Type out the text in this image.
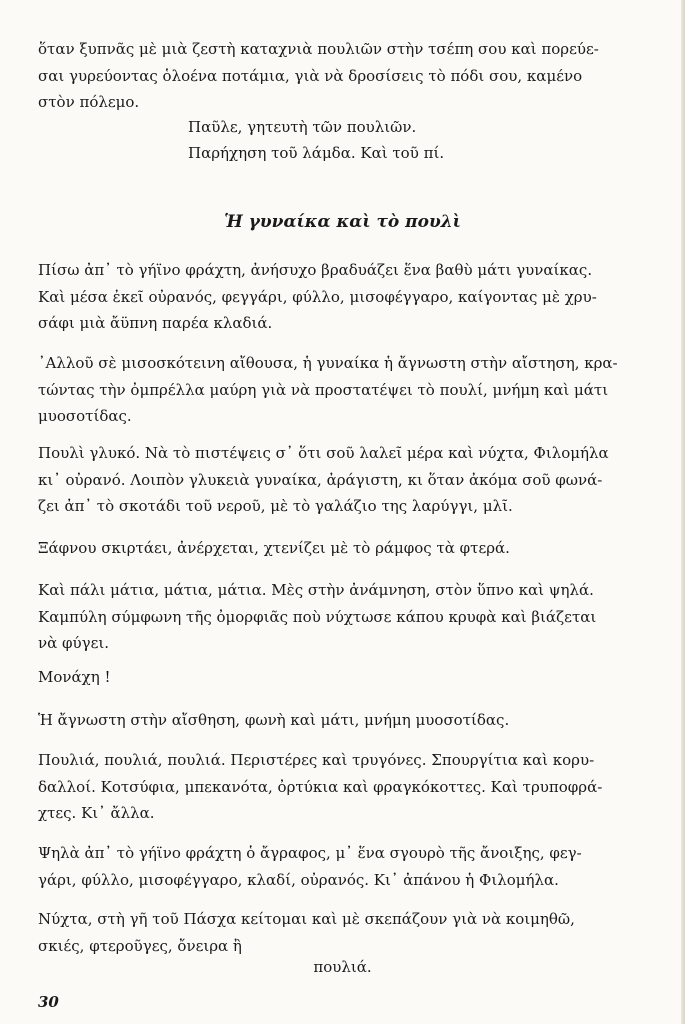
ὅταν ξυπνᾶς μὲ μιὰ ζεστὴ καταχνιὰ πουλιῶν στὴν τσέπη σου καὶ πορεύε-
σαι γυρεύοντας ὁλοένα ποτάμια, γιὰ νὰ δροσίσεις τὸ πόδι σου, καμένο
στὸν πόλεμο.

Παῦλε, γητευτὴ τῶν πουλιῶν.

Παρήχηση τοῦ λάμδα. Καὶ τοῦ πί.

Ἡ γυναίκα καὶ τὸ πουλὶ
Πίσω ἀπ᾽ τὸ γήϊνο φράχτη, ἀνήσυχο βραδυάζει ἕνα βαθὺ μάτι γυναίκας.
Καὶ μέσα ἐκεῖ οὐρανός, φεγγάρι, φύλλο, μισοφέγγαρο, καίγοντας μὲ χρυ-
σάφι μιὰ ἄϋπνη παρέα κλαδιά.
᾽Αλλοῦ σὲ μισοσκότεινη αἴθουσα, ἡ γυναίκα ἡ ἄγνωστη στὴν αἴστηση, κρα-
τώντας τὴν ὀμπρέλλα μαύρη γιὰ νὰ προστατέψει τὸ πουλί, μνήμη καὶ μάτι
μυοσοτίδας.
Πουλὶ γλυκό. Νὰ τὸ πιστέψεις σ᾽ ὅτι σοῦ λαλεῖ μέρα καὶ νύχτα, Φιλομήλα
κι᾽ οὐρανό. Λοιπὸν γλυκειὰ γυναίκα, ἀράγιστη, κι ὅταν ἀκόμα σοῦ φωνά-
ζει ἀπ᾽ τὸ σκοτάδι τοῦ νεροῦ, μὲ τὸ γαλάζιο της λαρύγγι, μλῖ.
Ξάφνου σκιρτάει, ἀνέρχεται, χτενίζει μὲ τὸ ράμφος τὰ φτερά.
Καὶ πάλι μάτια, μάτια, μάτια. Μὲς στὴν ἀνάμνηση, στὸν ὕπνο καὶ ψηλά.
Καμπύλη σύμφωνη τῆς ὀμορφιᾶς ποὺ νύχτωσε κάπου κρυφὰ καὶ βιάζεται
νὰ φύγει.
Μονάχη !
Ἡ ἄγνωστη στὴν αἴσθηση, φωνὴ καὶ μάτι, μνήμη μυοσοτίδας.
Πουλιά, πουλιά, πουλιά. Περιστέρες καὶ τρυγόνες. Σπουργίτια καὶ κορυ-
δαλλοί. Κοτσύφια, μπεκανότα, ὀρτύκια καὶ φραγκόκοττες. Καὶ τρυποφρά-
χτες. Κι᾽ ἄλλα.
Ψηλὰ ἀπ᾽ τὸ γήϊνο φράχτη ὁ ἄγραφος, μ᾽ ἕνα σγουρὸ τῆς ἄνοιξης, φεγ-
γάρι, φύλλο, μισοφέγγαρο, κλαδί, οὐρανός. Κι᾽ ἀπάνου ἡ Φιλομήλα.
Νύχτα, στὴ γῆ τοῦ Πάσχα κείτομαι καὶ μὲ σκεπάζουν γιὰ νὰ κοιμηθῶ,
σκιές, φτεροῦγες, ὄνειρα ἢ

πουλιά.

30
